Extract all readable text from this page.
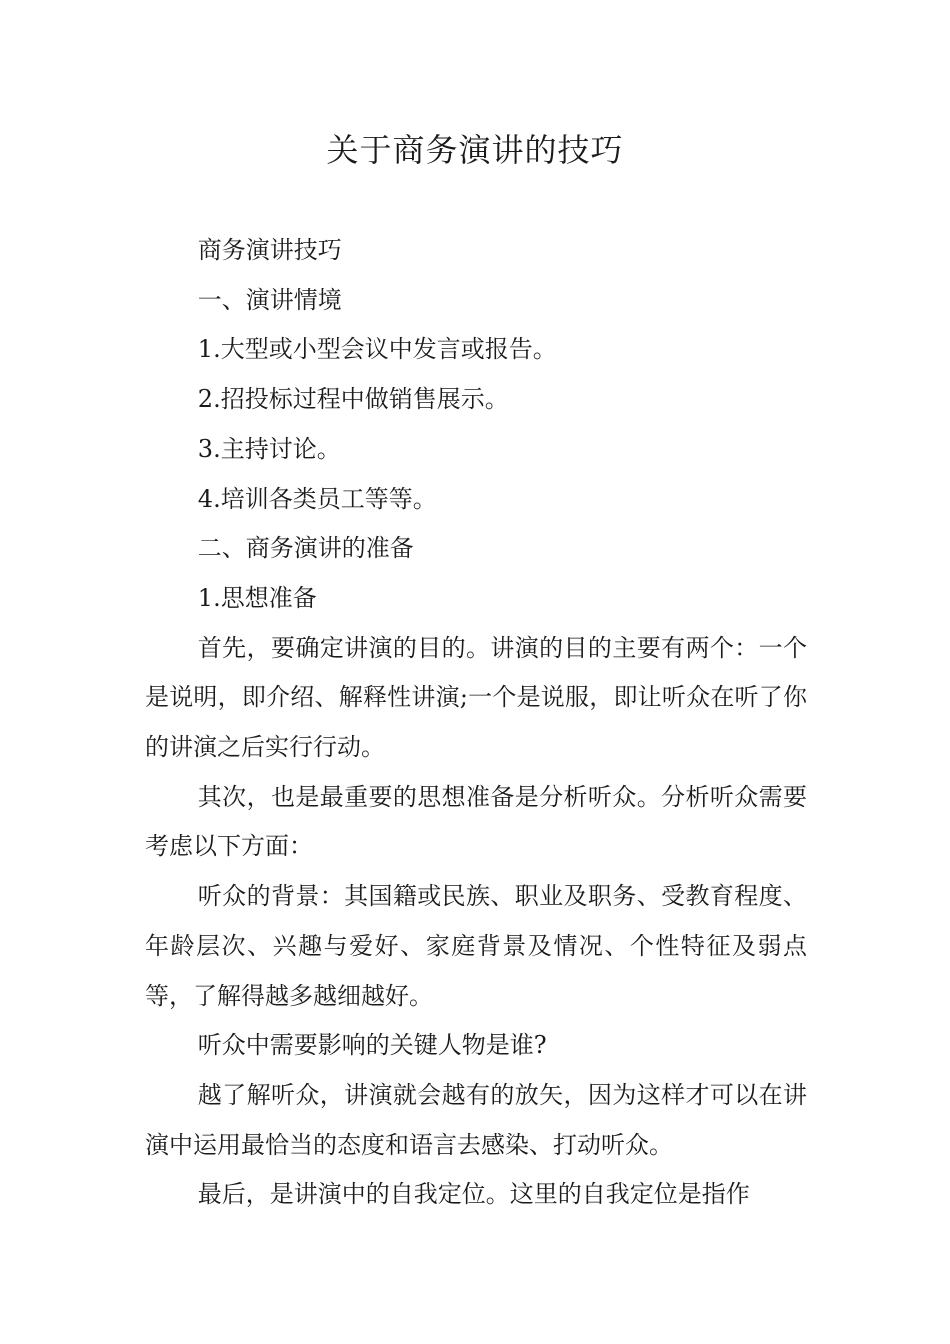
关于商务演讲的技巧

商务演讲技巧

一、演讲情境

1.大型或小型会议中发言或报告。

2.招投标过程中做销售展示。

3.主持讨论。

4.培训各类员工等等。

二、商务演讲的准备

1.思想准备

首先，要确定讲演的目的。讲演的目的主要有两个：一个是说明，即介绍、解释性讲演;一个是说服，即让听众在听了你的讲演之后实行行动。

其次，也是最重要的思想准备是分析听众。分析听众需要考虑以下方面：

听众的背景：其国籍或民族、职业及职务、受教育程度、年龄层次、兴趣与爱好、家庭背景及情况、个性特征及弱点等，了解得越多越细越好。

听众中需要影响的关键人物是谁?

越了解听众，讲演就会越有的放矢，因为这样才可以在讲演中运用最恰当的态度和语言去感染、打动听众。

最后，是讲演中的自我定位。这里的自我定位是指作
